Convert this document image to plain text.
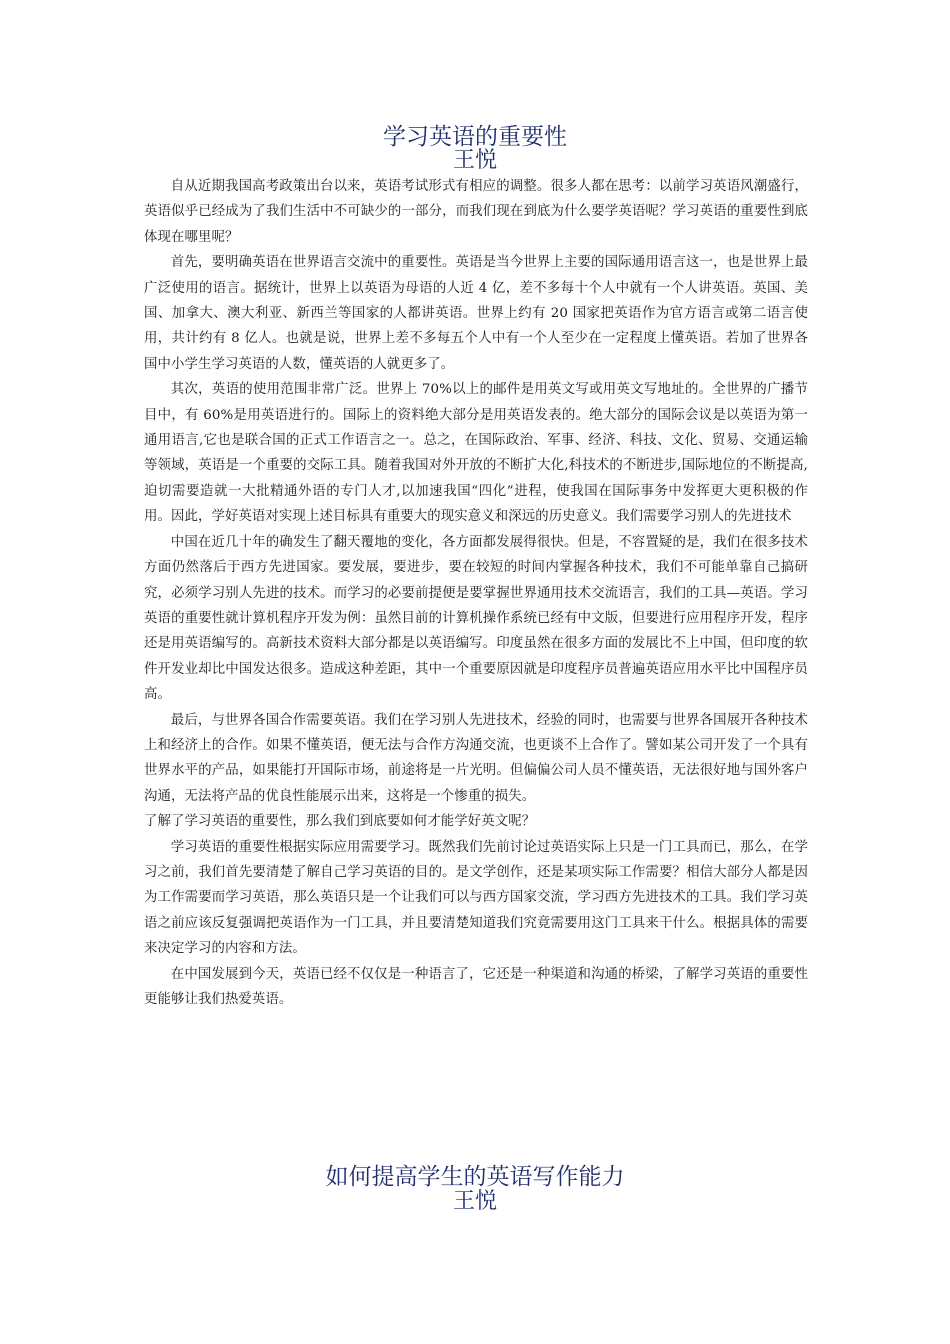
学习英语的重要性
王悦

自从近期我国高考政策出台以来，英语考试形式有相应的调整。很多人都在思考：以前学习英语风潮盛行，英语似乎已经成为了我们生活中不可缺少的一部分，而我们现在到底为什么要学英语呢？学习英语的重要性到底体现在哪里呢？

首先，要明确英语在世界语言交流中的重要性。英语是当今世界上主要的国际通用语言这一，也是世界上最广泛使用的语言。据统计，世界上以英语为母语的人近 4 亿，差不多每十个人中就有一个人讲英语。英国、美国、加拿大、澳大利亚、新西兰等国家的人都讲英语。世界上约有 20 国家把英语作为官方语言或第二语言使用，共计约有 8 亿人。也就是说，世界上差不多每五个人中有一个人至少在一定程度上懂英语。若加了世界各国中小学生学习英语的人数，懂英语的人就更多了。

其次，英语的使用范围非常广泛。世界上 70%以上的邮件是用英文写或用英文写地址的。全世界的广播节目中，有 60%是用英语进行的。国际上的资料绝大部分是用英语发表的。绝大部分的国际会议是以英语为第一通用语言,它也是联合国的正式工作语言之一。总之，在国际政治、军事、经济、科技、文化、贸易、交通运输等领域，英语是一个重要的交际工具。随着我国对外开放的不断扩大化,科技术的不断进步,国际地位的不断提高,迫切需要造就一大批精通外语的专门人才,以加速我国“四化”进程，使我国在国际事务中发挥更大更积极的作用。因此，学好英语对实现上述目标具有重要大的现实意义和深远的历史意义。我们需要学习别人的先进技术

中国在近几十年的确发生了翻天覆地的变化，各方面都发展得很快。但是，不容置疑的是，我们在很多技术方面仍然落后于西方先进国家。要发展，要进步，要在较短的时间内掌握各种技术，我们不可能单靠自己搞研究，必须学习别人先进的技术。而学习的必要前提便是要掌握世界通用技术交流语言，我们的工具—英语。学习英语的重要性就计算机程序开发为例：虽然目前的计算机操作系统已经有中文版，但要进行应用程序开发，程序还是用英语编写的。高新技术资料大部分都是以英语编写。印度虽然在很多方面的发展比不上中国，但印度的软件开发业却比中国发达很多。造成这种差距，其中一个重要原因就是印度程序员普遍英语应用水平比中国程序员高。

最后，与世界各国合作需要英语。我们在学习别人先进技术，经验的同时，也需要与世界各国展开各种技术上和经济上的合作。如果不懂英语，便无法与合作方沟通交流，也更谈不上合作了。譬如某公司开发了一个具有世界水平的产品，如果能打开国际市场，前途将是一片光明。但偏偏公司人员不懂英语，无法很好地与国外客户沟通，无法将产品的优良性能展示出来，这将是一个惨重的损失。

了解了学习英语的重要性，那么我们到底要如何才能学好英文呢？

学习英语的重要性根据实际应用需要学习。既然我们先前讨论过英语实际上只是一门工具而已，那么，在学习之前，我们首先要清楚了解自己学习英语的目的。是文学创作，还是某项实际工作需要？相信大部分人都是因为工作需要而学习英语，那么英语只是一个让我们可以与西方国家交流，学习西方先进技术的工具。我们学习英语之前应该反复强调把英语作为一门工具，并且要清楚知道我们究竟需要用这门工具来干什么。根据具体的需要来决定学习的内容和方法。

在中国发展到今天，英语已经不仅仅是一种语言了，它还是一种渠道和沟通的桥梁，了解学习英语的重要性更能够让我们热爱英语。

如何提高学生的英语写作能力
王悦
